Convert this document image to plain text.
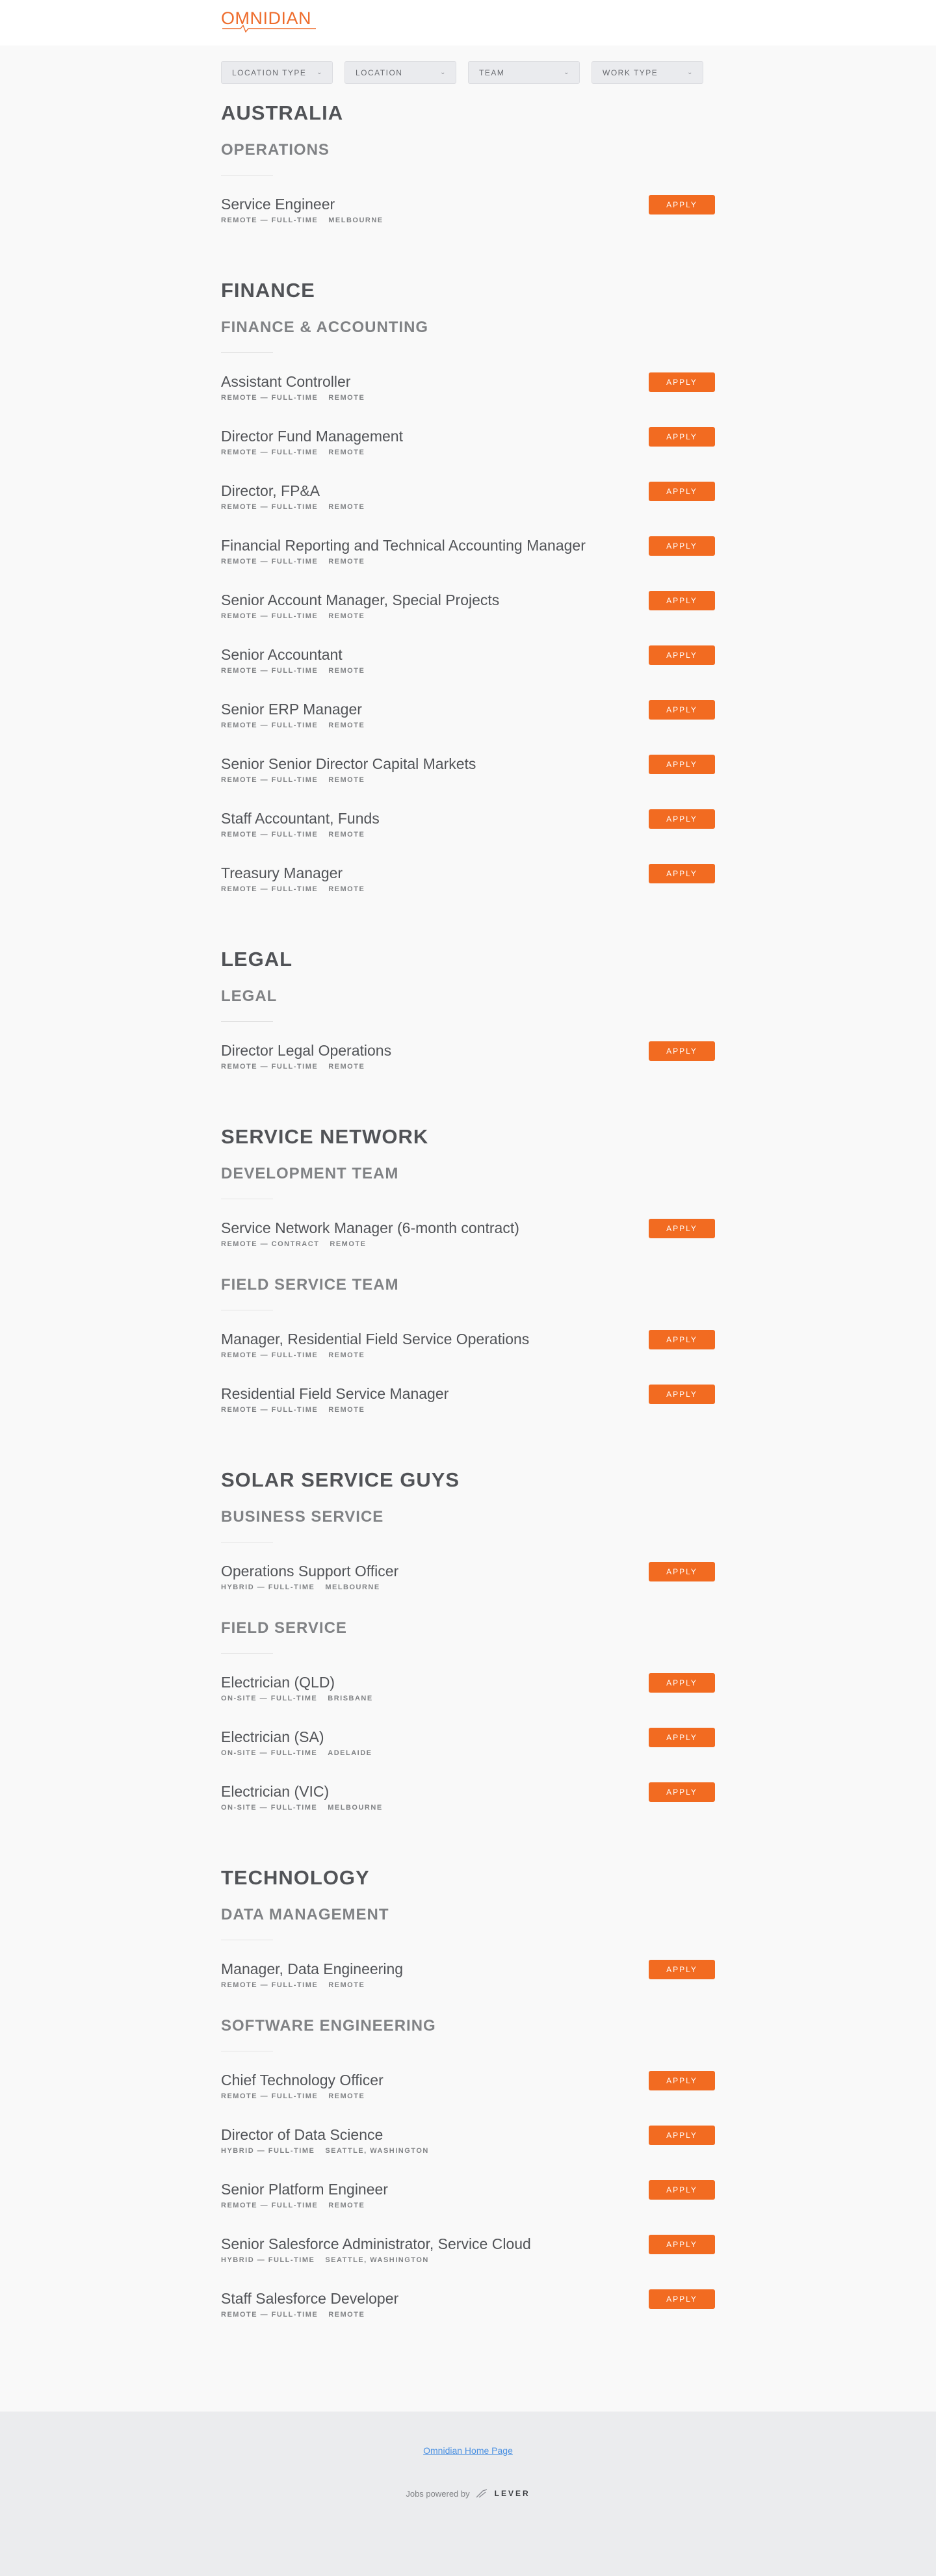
OMNIDIAN
LOCATION TYPE ⌄	LOCATION	⌄	TEAM	⌄	WORK TYPE	⌄
AUSTRALIA
OPERATIONS
Service Engineer
REMOTE — FULL-TIME MELBOURNE
APPLY
FINANCE
FINANCE & ACCOUNTING
Assistant Controller
REMOTE — FULL-TIME REMOTE
APPLY
Director Fund Management
REMOTE — FULL-TIME REMOTE
APPLY
Director, FP&A
REMOTE — FULL-TIME REMOTE
APPLY
Financial Reporting and Technical Accounting Manager
REMOTE — FULL-TIME REMOTE
APPLY
Senior Account Manager, Special Projects
REMOTE — FULL-TIME REMOTE
APPLY
Senior Accountant
REMOTE — FULL-TIME REMOTE
APPLY
Senior ERP Manager
REMOTE — FULL-TIME REMOTE
APPLY
Senior Senior Director Capital Markets
REMOTE — FULL-TIME REMOTE
APPLY
Staff Accountant, Funds
REMOTE — FULL-TIME REMOTE
APPLY
Treasury Manager
REMOTE — FULL-TIME REMOTE
APPLY
LEGAL
LEGAL
Director Legal Operations
REMOTE — FULL-TIME REMOTE
APPLY
SERVICE NETWORK
DEVELOPMENT TEAM
Service Network Manager (6-month contract)
REMOTE — CONTRACT REMOTE
APPLY
FIELD SERVICE TEAM
Manager, Residential Field Service Operations
REMOTE — FULL-TIME REMOTE
APPLY
Residential Field Service Manager
REMOTE — FULL-TIME REMOTE
APPLY
SOLAR SERVICE GUYS
BUSINESS SERVICE
Operations Support Officer
HYBRID — FULL-TIME MELBOURNE
APPLY
FIELD SERVICE
Electrician (QLD)
ON-SITE — FULL-TIME BRISBANE
APPLY
Electrician (SA)
ON-SITE — FULL-TIME ADELAIDE
APPLY
Electrician (VIC)
ON-SITE — FULL-TIME MELBOURNE
APPLY
TECHNOLOGY
DATA MANAGEMENT
Manager, Data Engineering
REMOTE — FULL-TIME REMOTE
APPLY
SOFTWARE ENGINEERING
Chief Technology Officer
REMOTE — FULL-TIME REMOTE
APPLY
Director of Data Science
HYBRID — FULL-TIME SEATTLE, WASHINGTON
APPLY
Senior Platform Engineer
REMOTE — FULL-TIME REMOTE
APPLY
Senior Salesforce Administrator, Service Cloud
HYBRID — FULL-TIME SEATTLE, WASHINGTON
APPLY
Staff Salesforce Developer
REMOTE — FULL-TIME REMOTE
APPLY
Omnidian Home Page
Jobs powered by	LEVER
